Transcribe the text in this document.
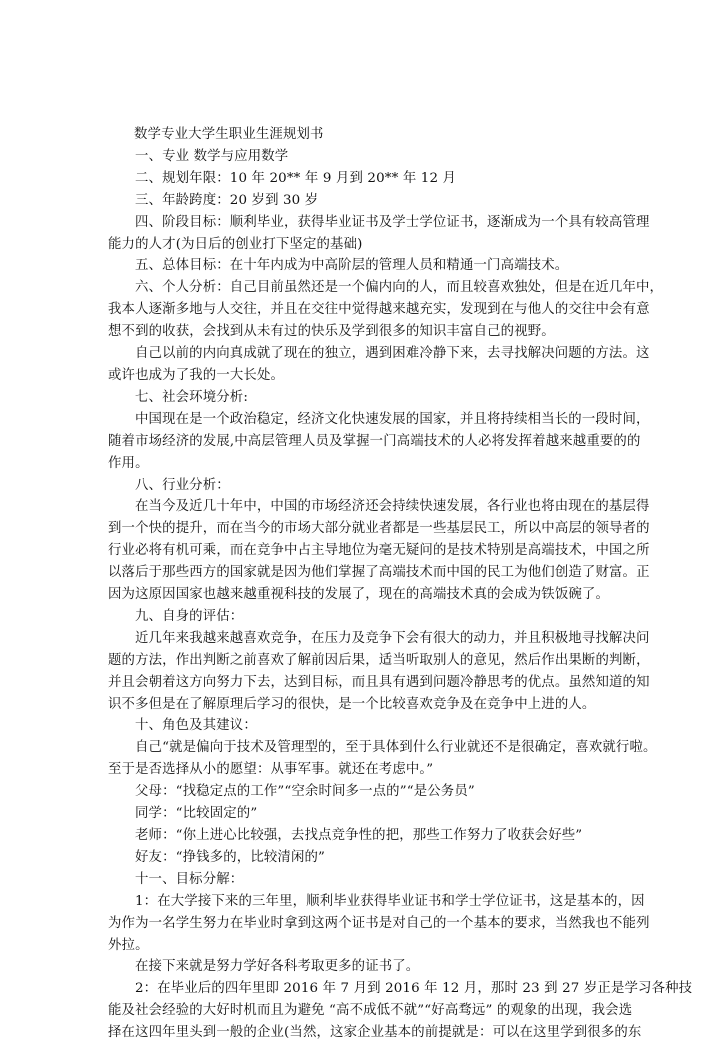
数学专业大学生职业生涯规划书
一、专业 数学与应用数学
二、规划年限：10 年 20** 年 9 月到 20** 年 12 月
三、年龄跨度：20 岁到 30 岁
四、阶段目标：顺利毕业，获得毕业证书及学士学位证书，逐渐成为一个具有较高管理
能力的人才(为日后的创业打下坚定的基础)
五、总体目标：在十年内成为中高阶层的管理人员和精通一门高端技术。
六、个人分析：自己目前虽然还是一个偏内向的人，而且较喜欢独处，但是在近几年中，
我本人逐渐多地与人交往，并且在交往中觉得越来越充实，发现到在与他人的交往中会有意
想不到的收获，会找到从未有过的快乐及学到很多的知识丰富自己的视野。
自己以前的内向真成就了现在的独立，遇到困难冷静下来，去寻找解决问题的方法。这
或许也成为了我的一大长处。
七、社会环境分析:
中国现在是一个政治稳定，经济文化快速发展的国家，并且将持续相当长的一段时间，
随着市场经济的发展,中高层管理人员及掌握一门高端技术的人必将发挥着越来越重要的的
作用。
八、行业分析：
在当今及近几十年中，中国的市场经济还会持续快速发展，各行业也将由现在的基层得
到一个快的提升，而在当今的市场大部分就业者都是一些基层民工，所以中高层的领导者的
行业必将有机可乘，而在竞争中占主导地位为毫无疑问的是技术特别是高端技术，中国之所
以落后于那些西方的国家就是因为他们掌握了高端技术而中国的民工为他们创造了财富。正
因为这原因国家也越来越重视科技的发展了，现在的高端技术真的会成为铁饭碗了。
九、自身的评估：
近几年来我越来越喜欢竞争，在压力及竞争下会有很大的动力，并且积极地寻找解决问
题的方法，作出判断之前喜欢了解前因后果，适当听取别人的意见，然后作出果断的判断，
并且会朝着这方向努力下去，达到目标，而且具有遇到问题冷静思考的优点。虽然知道的知
识不多但是在了解原理后学习的很快，是一个比较喜欢竞争及在竞争中上进的人。
十、角色及其建议：
自己“就是偏向于技术及管理型的，至于具体到什么行业就还不是很确定，喜欢就行啦。
至于是否选择从小的愿望：从事军事。就还在考虑中。”
父母：“找稳定点的工作”“空余时间多一点的”“是公务员”
同学：“比较固定的”
老师：“你上进心比较强，去找点竞争性的把，那些工作努力了收获会好些”
好友：“挣钱多的，比较清闲的”
十一、目标分解：
1：在大学接下来的三年里，顺利毕业获得毕业证书和学士学位证书，这是基本的，因
为作为一名学生努力在毕业时拿到这两个证书是对自己的一个基本的要求，当然我也不能列
外拉。
在接下来就是努力学好各科考取更多的证书了。
2：在毕业后的四年里即 2016 年 7 月到 2016 年 12 月，那时 23 到 27 岁正是学习各种技
能及社会经验的大好时机而且为避免 “高不成低不就”“好高骛远” 的观象的出现，我会选
择在这四年里头到一般的企业(当然，这家企业基本的前提就是：可以在这里学到很多的东
